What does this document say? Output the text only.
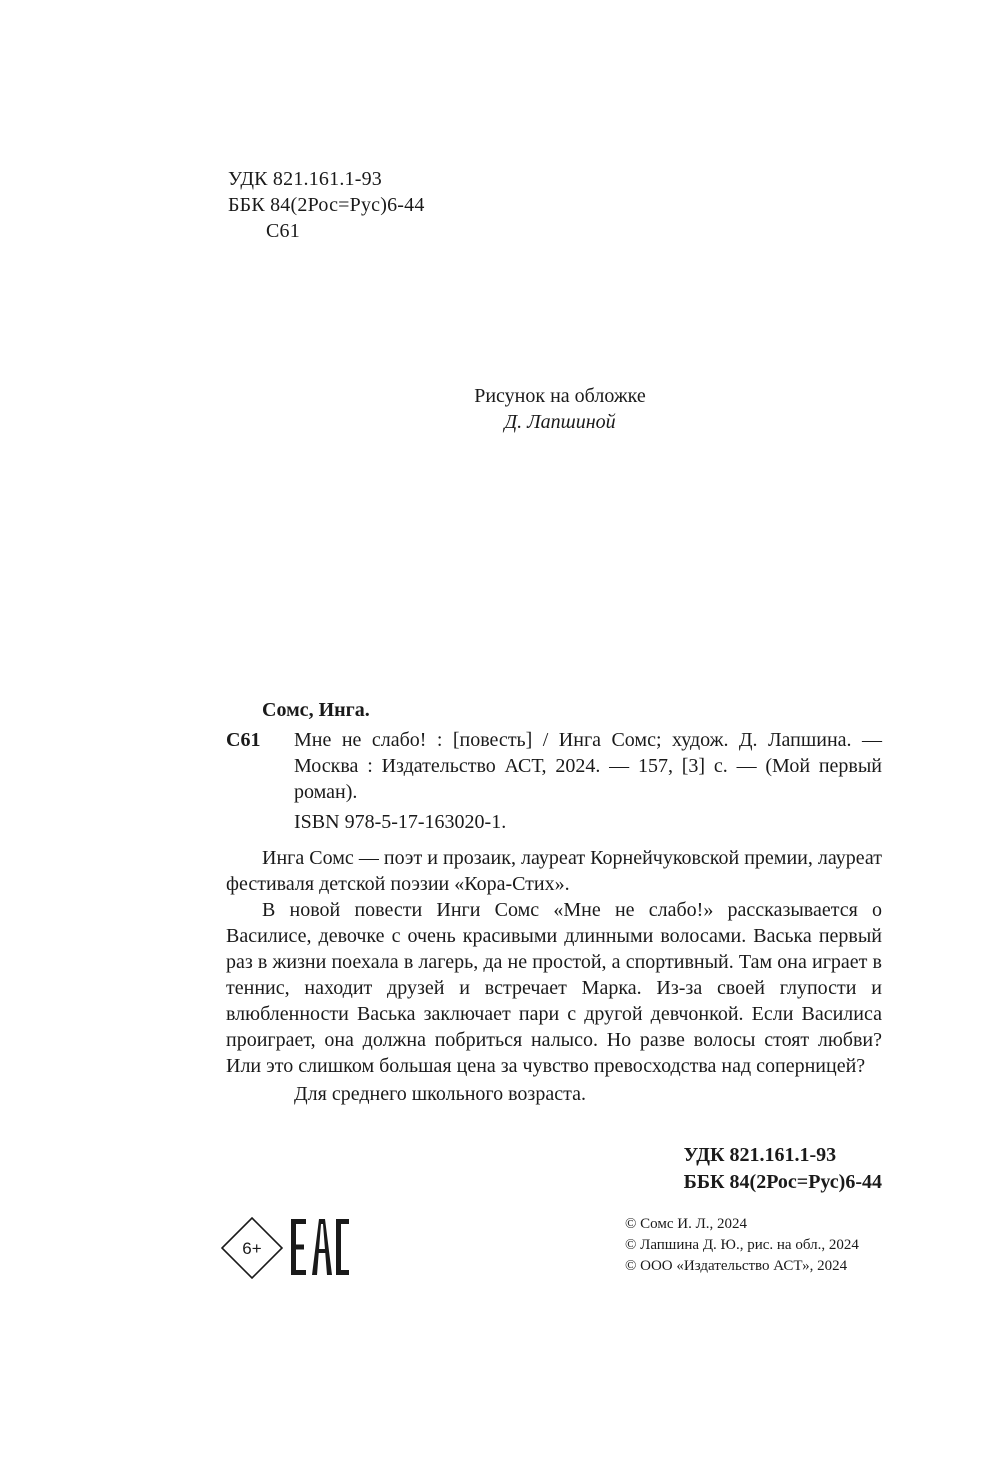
УДК 821.161.1-93
ББК 84(2Рос=Рус)6-44
С61
Рисунок на обложке
Д. Лапшиной
Сомс, Инга.
С61 Мне не слабо! : [повесть] / Инга Сомс; худож. Д. Лапшина. — Москва : Издательство АСТ, 2024. — 157, [3] с. — (Мой первый роман).

ISBN 978-5-17-163020-1.

Инга Сомс — поэт и прозаик, лауреат Корнейчуковской премии, лауреат фестиваля детской поэзии «Кора-Стих».

В новой повести Инги Сомс «Мне не слабо!» рассказывается о Василисе, девочке с очень красивыми длинными волосами. Васька первый раз в жизни поехала в лагерь, да не простой, а спортивный. Там она играет в теннис, находит друзей и встречает Марка. Из-за своей глупости и влюбленности Васька заключает пари с другой девчонкой. Если Василиса проиграет, она должна побриться налысо. Но разве волосы стоят любви? Или это слишком большая цена за чувство превосходства над соперницей?

Для среднего школьного возраста.

УДК 821.161.1-93
ББК 84(2Рос=Рус)6-44
6+
© Сомс И. Л., 2024
© Лапшина Д. Ю., рис. на обл., 2024
© ООО «Издательство АСТ», 2024
